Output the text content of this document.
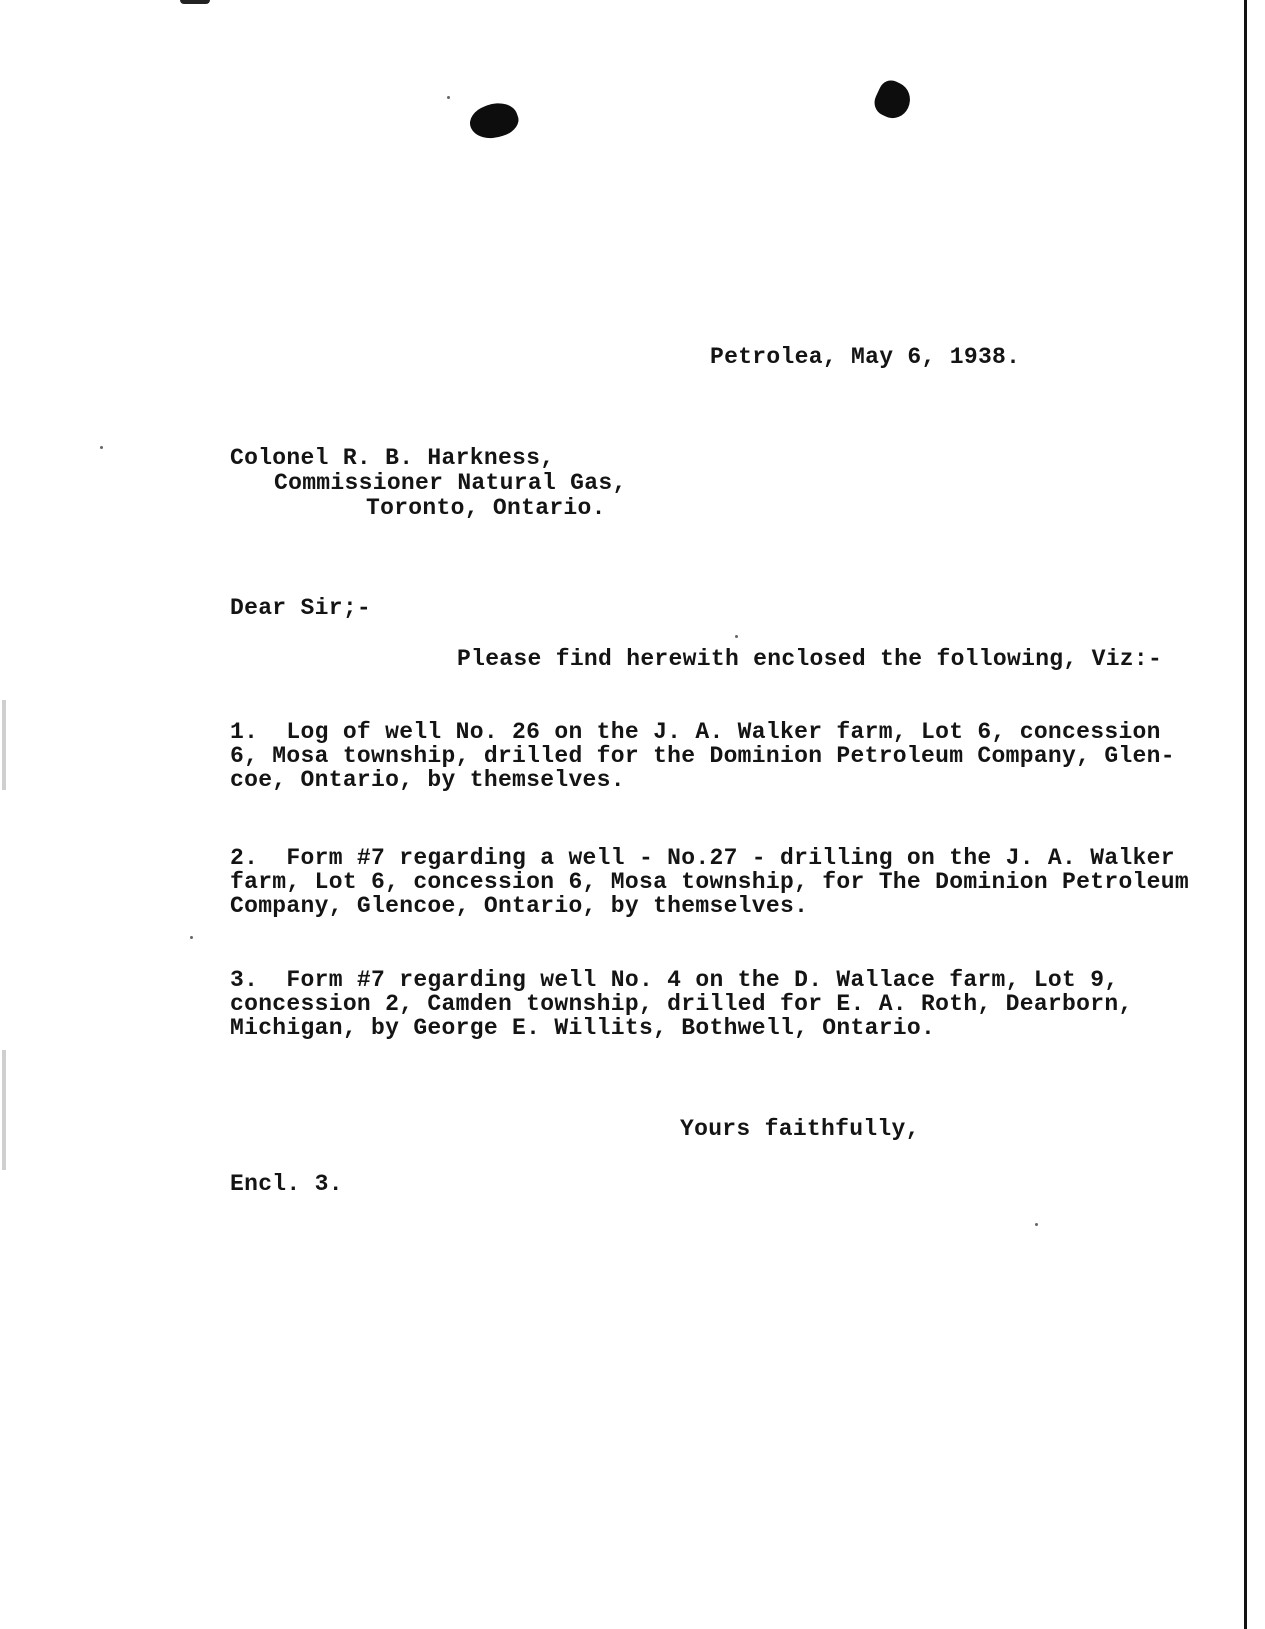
Petrolea, May 6, 1938.
Colonel R. B. Harkness,
Commissioner Natural Gas,
Toronto, Ontario.
Dear Sir;-
Please find herewith enclosed the following, Viz:-
1.  Log of well No. 26 on the J. A. Walker farm, Lot 6, concession
6, Mosa township, drilled for the Dominion Petroleum Company, Glen-
coe, Ontario, by themselves.
2.  Form #7 regarding a well - No.27 - drilling on the J. A. Walker
farm, Lot 6, concession 6, Mosa township, for The Dominion Petroleum
Company, Glencoe, Ontario, by themselves.
3.  Form #7 regarding well No. 4 on the D. Wallace farm, Lot 9,
concession 2, Camden township, drilled for E. A. Roth, Dearborn,
Michigan, by George E. Willits, Bothwell, Ontario.
Yours faithfully,
Encl. 3.
